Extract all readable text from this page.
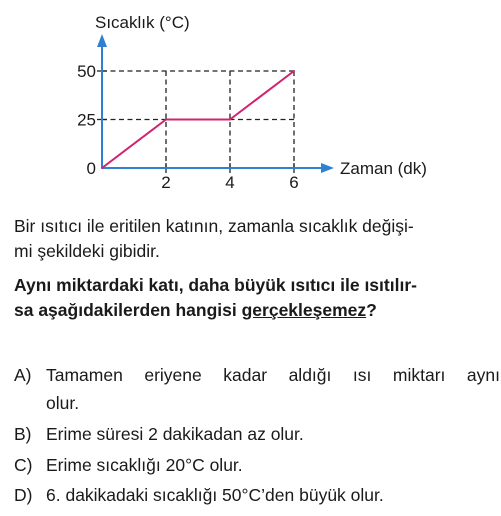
2	4	6
0
25
50
Sıcaklık (°C)
Zaman (dk)

Bir ısıtıcı ile eritilen katının, zamanla sıcaklık değişi-

mi şekildeki gibidir.

Aynı miktardaki katı, daha büyük ısıtıcı ile ısıtılır-

sa aşağıdakilerden hangisi gerçekleşemez?

A) Tamamen eriyene kadar aldığı ısı miktarı aynı
olur.
B) Erime süresi 2 dakikadan az olur.
C) Erime sıcaklığı 20°C olur.
D) 6. dakikadaki sıcaklığı 50°C’den büyük olur.
